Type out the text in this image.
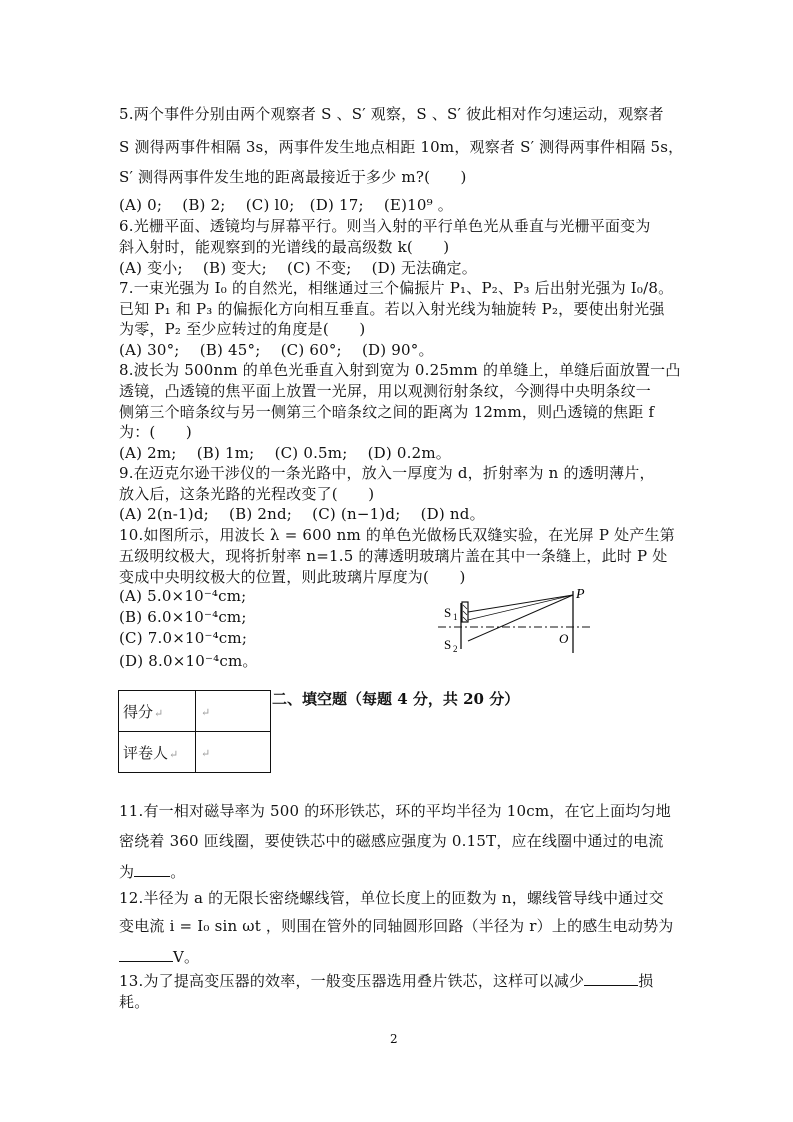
5.两个事件分别由两个观察者 S 、S′ 观察，S 、S′ 彼此相对作匀速运动，观察者
S 测得两事件相隔 3s，两事件发生地点相距 10m，观察者 S′ 测得两事件相隔 5s，
S′ 测得两事件发生地的距离最接近于多少 m?(　　)
(A) 0;　 (B) 2;　 (C) l0;　(D) 17;　 (E)10⁹ 。
6.光栅平面、透镜均与屏幕平行。则当入射的平行单色光从垂直与光栅平面变为
斜入射时，能观察到的光谱线的最高级数 k(　　)
(A) 变小;　 (B) 变大;　 (C) 不变;　 (D) 无法确定。
7.一束光强为 I₀ 的自然光，相继通过三个偏振片 P₁、P₂、P₃ 后出射光强为 I₀/8。
已知 P₁ 和 P₃ 的偏振化方向相互垂直。若以入射光线为轴旋转 P₂，要使出射光强
为零，P₂ 至少应转过的角度是(　　)
(A) 30°;　 (B) 45°;　 (C) 60°;　 (D) 90°。
8.波长为 500nm 的单色光垂直入射到宽为 0.25mm 的单缝上，单缝后面放置一凸
透镜，凸透镜的焦平面上放置一光屏，用以观测衍射条纹，今测得中央明条纹一
侧第三个暗条纹与另一侧第三个暗条纹之间的距离为 12mm，则凸透镜的焦距 f
为：(　　)
(A) 2m;　 (B) 1m;　 (C) 0.5m;　 (D) 0.2m。
9.在迈克尔逊干涉仪的一条光路中，放入一厚度为 d，折射率为 n 的透明薄片，
放入后，这条光路的光程改变了(　　)
(A) 2(n-1)d;　 (B) 2nd;　 (C) (n−1)d;　 (D) nd。
10.如图所示，用波长 λ = 600 nm 的单色光做杨氏双缝实验，在光屏 P 处产生第
五级明纹极大，现将折射率 n=1.5 的薄透明玻璃片盖在其中一条缝上，此时 P 处
变成中央明纹极大的位置，则此玻璃片厚度为(　　)
(A) 5.0×10⁻⁴cm;
(B) 6.0×10⁻⁴cm;
(C) 7.0×10⁻⁴cm;
(D) 8.0×10⁻⁴cm。
P
S 1
S 2
O
得分↵	↵
评卷人↵	↵
二、填空题（每题 4 分，共 20 分）
11.有一相对磁导率为 500 的环形铁芯，环的平均半径为 10cm，在它上面均匀地
密绕着 360 匝线圈，要使铁芯中的磁感应强度为 0.15T，应在线圈中通过的电流
为 。
12.半径为 a 的无限长密绕螺线管，单位长度上的匝数为 n，螺线管导线中通过交
变电流 i = I₀ sin ωt ，则围在管外的同轴圆形回路（半径为 r）上的感生电动势为
V。
13.为了提高变压器的效率，一般变压器选用叠片铁芯，这样可以减少	损
耗。
2
